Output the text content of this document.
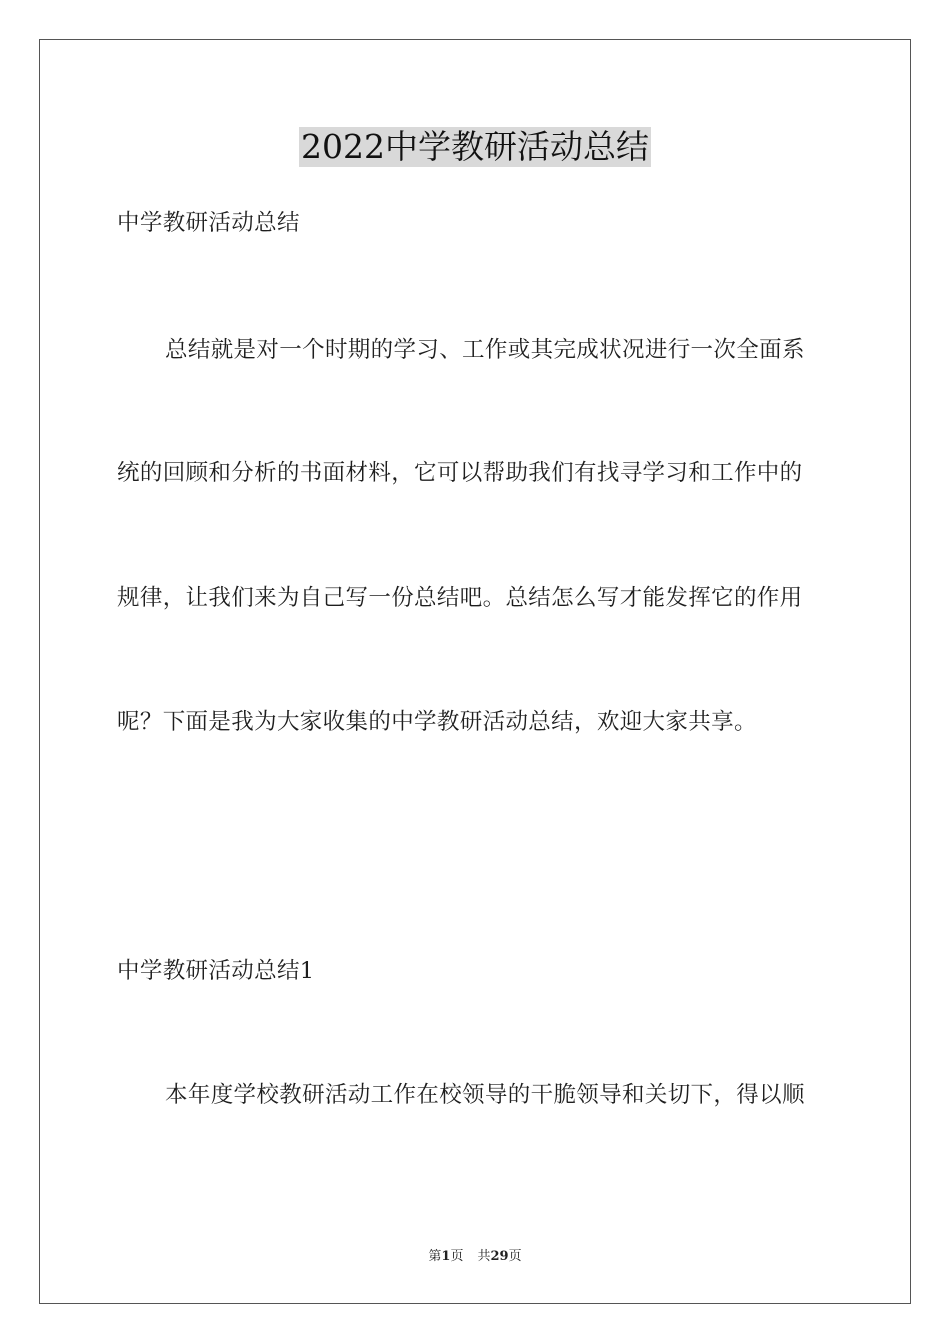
2022中学教研活动总结
中学教研活动总结
总结就是对一个时期的学习、工作或其完成状况进行一次全面系
统的回顾和分析的书面材料，它可以帮助我们有找寻学习和工作中的
规律，让我们来为自己写一份总结吧。总结怎么写才能发挥它的作用
呢？下面是我为大家收集的中学教研活动总结，欢迎大家共享。
中学教研活动总结1
本年度学校教研活动工作在校领导的干脆领导和关切下，得以顺
第1页 共29页
